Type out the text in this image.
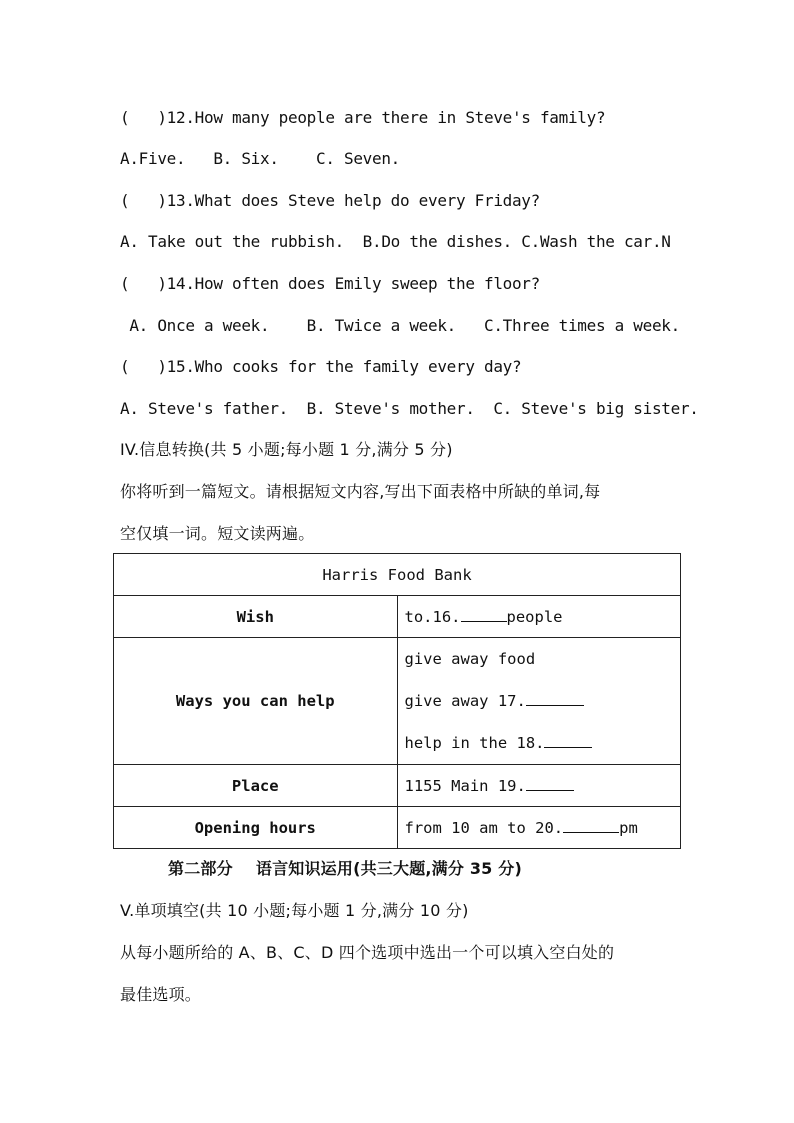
(   )12.How many people are there in Steve's family?
A.Five.   B. Six.    C. Seven.
(   )13.What does Steve help do every Friday?
A. Take out the rubbish.  B.Do the dishes. C.Wash the car.N
(   )14.How often does Emily sweep the floor?
A. Once a week.    B. Twice a week.   C.Three times a week.
(   )15.Who cooks for the family every day?
A. Steve's father.  B. Steve's mother.  C. Steve's big sister.
IV.信息转换(共 5 小题;每小题 1 分,满分 5 分)
你将听到一篇短文。请根据短文内容,写出下面表格中所缺的单词,每
空仅填一词。短文读两遍。
Harris Food Bank	
Wish	to.16. people
Ways you can help	give away food
give away 17.
help in the 18.

Place	1155 Main 19.
Opening hours	from 10 am to 20. pm
第二部分    语言知识运用(共三大题,满分 35 分)
V.单项填空(共 10 小题;每小题 1 分,满分 10 分)
从每小题所给的 A、B、C、D 四个选项中选出一个可以填入空白处的
最佳选项。
